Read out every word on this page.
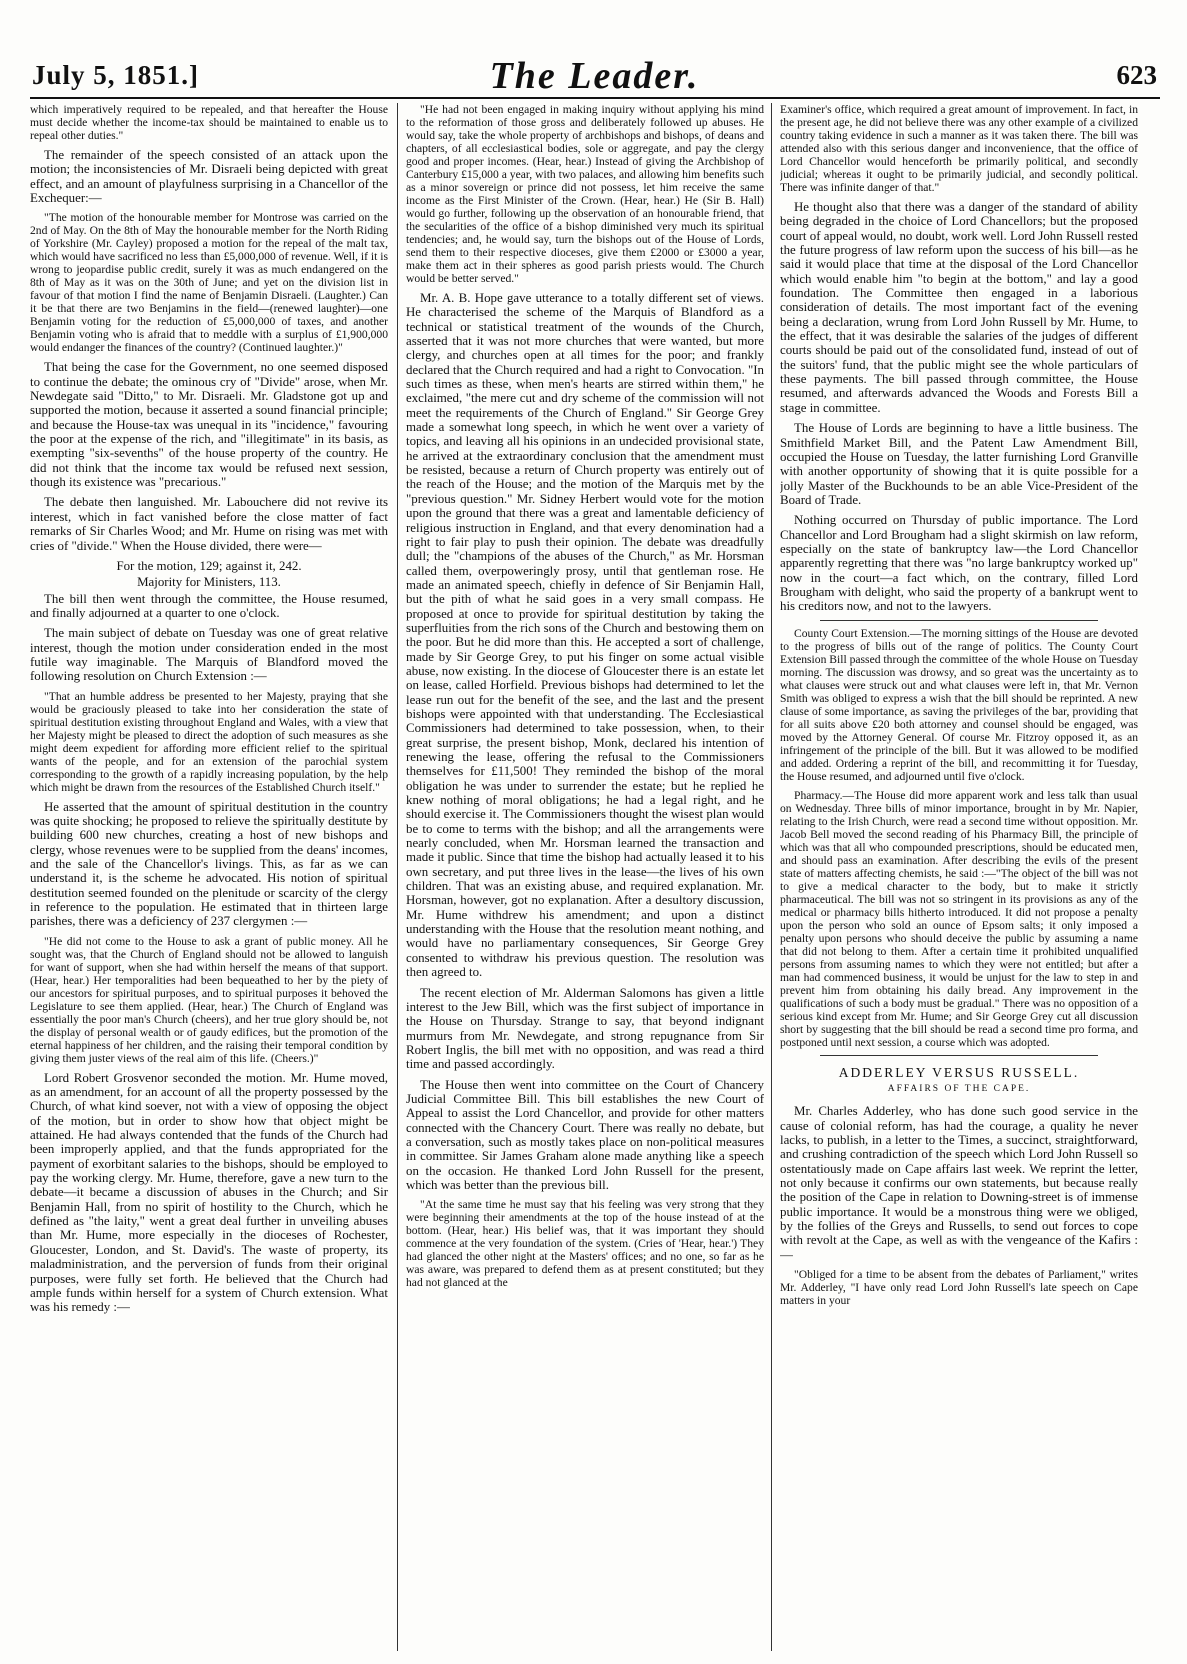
July 5, 1851.]	The Leader.	623

which imperatively required to be repealed, and that hereafter the House must decide whether the income-tax should be maintained to enable us to repeal other duties."

The remainder of the speech consisted of an attack upon the motion; the inconsistencies of Mr. Disraeli being depicted with great effect, and an amount of playfulness surprising in a Chancellor of the Exchequer:—

"The motion of the honourable member for Montrose was carried on the 2nd of May. On the 8th of May the honourable member for the North Riding of Yorkshire (Mr. Cayley) proposed a motion for the repeal of the malt tax, which would have sacrificed no less than £5,000,000 of revenue. Well, if it is wrong to jeopardise public credit, surely it was as much endangered on the 8th of May as it was on the 30th of June; and yet on the division list in favour of that motion I find the name of Benjamin Disraeli. (Laughter.) Can it be that there are two Benjamins in the field—(renewed laughter)—one Benjamin voting for the reduction of £5,000,000 of taxes, and another Benjamin voting who is afraid that to meddle with a surplus of £1,900,000 would endanger the finances of the country? (Continued laughter.)"

That being the case for the Government, no one seemed disposed to continue the debate; the ominous cry of "Divide" arose, when Mr. Newdegate said "Ditto," to Mr. Disraeli. Mr. Gladstone got up and supported the motion, because it asserted a sound financial principle; and because the House-tax was unequal in its "incidence," favouring the poor at the expense of the rich, and "illegitimate" in its basis, as exempting "six-sevenths" of the house property of the country. He did not think that the income tax would be refused next session, though its existence was "precarious."

The debate then languished. Mr. Labouchere did not revive its interest, which in fact vanished before the close matter of fact remarks of Sir Charles Wood; and Mr. Hume on rising was met with cries of "divide." When the House divided, there were—

For the motion, 129; against it, 242.

Majority for Ministers, 113.

The bill then went through the committee, the House resumed, and finally adjourned at a quarter to one o'clock.

The main subject of debate on Tuesday was one of great relative interest, though the motion under consideration ended in the most futile way imaginable. The Marquis of Blandford moved the following resolution on Church Extension :—

"That an humble address be presented to her Majesty, praying that she would be graciously pleased to take into her consideration the state of spiritual destitution existing throughout England and Wales, with a view that her Majesty might be pleased to direct the adoption of such measures as she might deem expedient for affording more efficient relief to the spiritual wants of the people, and for an extension of the parochial system corresponding to the growth of a rapidly increasing population, by the help which might be drawn from the resources of the Established Church itself."

He asserted that the amount of spiritual destitution in the country was quite shocking; he proposed to relieve the spiritually destitute by building 600 new churches, creating a host of new bishops and clergy, whose revenues were to be supplied from the deans' incomes, and the sale of the Chancellor's livings. This, as far as we can understand it, is the scheme he advocated. His notion of spiritual destitution seemed founded on the plenitude or scarcity of the clergy in reference to the population. He estimated that in thirteen large parishes, there was a deficiency of 237 clergymen :—

"He did not come to the House to ask a grant of public money. All he sought was, that the Church of England should not be allowed to languish for want of support, when she had within herself the means of that support. (Hear, hear.) Her temporalities had been bequeathed to her by the piety of our ancestors for spiritual purposes, and to spiritual purposes it behoved the Legislature to see them applied. (Hear, hear.) The Church of England was essentially the poor man's Church (cheers), and her true glory should be, not the display of personal wealth or of gaudy edifices, but the promotion of the eternal happiness of her children, and the raising their temporal condition by giving them juster views of the real aim of this life. (Cheers.)"

Lord Robert Grosvenor seconded the motion. Mr. Hume moved, as an amendment, for an account of all the property possessed by the Church, of what kind soever, not with a view of opposing the object of the motion, but in order to show how that object might be attained. He had always contended that the funds of the Church had been improperly applied, and that the funds appropriated for the payment of exorbitant salaries to the bishops, should be employed to pay the working clergy. Mr. Hume, therefore, gave a new turn to the debate—it became a discussion of abuses in the Church; and Sir Benjamin Hall, from no spirit of hostility to the Church, which he defined as "the laity," went a great deal further in unveiling abuses than Mr. Hume, more especially in the dioceses of Rochester, Gloucester, London, and St. David's. The waste of property, its maladministration, and the perversion of funds from their original purposes, were fully set forth. He believed that the Church had ample funds within herself for a system of Church extension. What was his remedy :—

"He had not been engaged in making inquiry without applying his mind to the reformation of those gross and deliberately followed up abuses. He would say, take the whole property of archbishops and bishops, of deans and chapters, of all ecclesiastical bodies, sole or aggregate, and pay the clergy good and proper incomes. (Hear, hear.) Instead of giving the Archbishop of Canterbury £15,000 a year, with two palaces, and allowing him benefits such as a minor sovereign or prince did not possess, let him receive the same income as the First Minister of the Crown. (Hear, hear.) He (Sir B. Hall) would go further, following up the observation of an honourable friend, that the secularities of the office of a bishop diminished very much its spiritual tendencies; and, he would say, turn the bishops out of the House of Lords, send them to their respective dioceses, give them £2000 or £3000 a year, make them act in their spheres as good parish priests would. The Church would be better served."

Mr. A. B. Hope gave utterance to a totally different set of views. He characterised the scheme of the Marquis of Blandford as a technical or statistical treatment of the wounds of the Church, asserted that it was not more churches that were wanted, but more clergy, and churches open at all times for the poor; and frankly declared that the Church required and had a right to Convocation. "In such times as these, when men's hearts are stirred within them," he exclaimed, "the mere cut and dry scheme of the commission will not meet the requirements of the Church of England." Sir George Grey made a somewhat long speech, in which he went over a variety of topics, and leaving all his opinions in an undecided provisional state, he arrived at the extraordinary conclusion that the amendment must be resisted, because a return of Church property was entirely out of the reach of the House; and the motion of the Marquis met by the "previous question." Mr. Sidney Herbert would vote for the motion upon the ground that there was a great and lamentable deficiency of religious instruction in England, and that every denomination had a right to fair play to push their opinion. The debate was dreadfully dull; the "champions of the abuses of the Church," as Mr. Horsman called them, overpoweringly prosy, until that gentleman rose. He made an animated speech, chiefly in defence of Sir Benjamin Hall, but the pith of what he said goes in a very small compass. He proposed at once to provide for spiritual destitution by taking the superfluities from the rich sons of the Church and bestowing them on the poor. But he did more than this. He accepted a sort of challenge, made by Sir George Grey, to put his finger on some actual visible abuse, now existing. In the diocese of Gloucester there is an estate let on lease, called Horfield. Previous bishops had determined to let the lease run out for the benefit of the see, and the last and the present bishops were appointed with that understanding. The Ecclesiastical Commissioners had determined to take possession, when, to their great surprise, the present bishop, Monk, declared his intention of renewing the lease, offering the refusal to the Commissioners themselves for £11,500! They reminded the bishop of the moral obligation he was under to surrender the estate; but he replied he knew nothing of moral obligations; he had a legal right, and he should exercise it. The Commissioners thought the wisest plan would be to come to terms with the bishop; and all the arrangements were nearly concluded, when Mr. Horsman learned the transaction and made it public. Since that time the bishop had actually leased it to his own secretary, and put three lives in the lease—the lives of his own children. That was an existing abuse, and required explanation. Mr. Horsman, however, got no explanation. After a desultory discussion, Mr. Hume withdrew his amendment; and upon a distinct understanding with the House that the resolution meant nothing, and would have no parliamentary consequences, Sir George Grey consented to withdraw his previous question. The resolution was then agreed to.

The recent election of Mr. Alderman Salomons has given a little interest to the Jew Bill, which was the first subject of importance in the House on Thursday. Strange to say, that beyond indignant murmurs from Mr. Newdegate, and strong repugnance from Sir Robert Inglis, the bill met with no opposition, and was read a third time and passed accordingly.

The House then went into committee on the Court of Chancery Judicial Committee Bill. This bill establishes the new Court of Appeal to assist the Lord Chancellor, and provide for other matters connected with the Chancery Court. There was really no debate, but a conversation, such as mostly takes place on non-political measures in committee. Sir James Graham alone made anything like a speech on the occasion. He thanked Lord John Russell for the present, which was better than the previous bill.

"At the same time he must say that his feeling was very strong that they were beginning their amendments at the top of the house instead of at the bottom. (Hear, hear.) His belief was, that it was important they should commence at the very foundation of the system. (Cries of 'Hear, hear.') They had glanced the other night at the Masters' offices; and no one, so far as he was aware, was prepared to defend them as at present constituted; but they had not glanced at the

Examiner's office, which required a great amount of improvement. In fact, in the present age, he did not believe there was any other example of a civilized country taking evidence in such a manner as it was taken there. The bill was attended also with this serious danger and inconvenience, that the office of Lord Chancellor would henceforth be primarily political, and secondly judicial; whereas it ought to be primarily judicial, and secondly political. There was infinite danger of that."

He thought also that there was a danger of the standard of ability being degraded in the choice of Lord Chancellors; but the proposed court of appeal would, no doubt, work well. Lord John Russell rested the future progress of law reform upon the success of his bill—as he said it would place that time at the disposal of the Lord Chancellor which would enable him "to begin at the bottom," and lay a good foundation. The Committee then engaged in a laborious consideration of details. The most important fact of the evening being a declaration, wrung from Lord John Russell by Mr. Hume, to the effect, that it was desirable the salaries of the judges of different courts should be paid out of the consolidated fund, instead of out of the suitors' fund, that the public might see the whole particulars of these payments. The bill passed through committee, the House resumed, and afterwards advanced the Woods and Forests Bill a stage in committee.

The House of Lords are beginning to have a little business. The Smithfield Market Bill, and the Patent Law Amendment Bill, occupied the House on Tuesday, the latter furnishing Lord Granville with another opportunity of showing that it is quite possible for a jolly Master of the Buckhounds to be an able Vice-President of the Board of Trade.

Nothing occurred on Thursday of public importance. The Lord Chancellor and Lord Brougham had a slight skirmish on law reform, especially on the state of bankruptcy law—the Lord Chancellor apparently regretting that there was "no large bankruptcy worked up" now in the court—a fact which, on the contrary, filled Lord Brougham with delight, who said the property of a bankrupt went to his creditors now, and not to the lawyers.

County Court Extension.—The morning sittings of the House are devoted to the progress of bills out of the range of politics. The County Court Extension Bill passed through the committee of the whole House on Tuesday morning. The discussion was drowsy, and so great was the uncertainty as to what clauses were struck out and what clauses were left in, that Mr. Vernon Smith was obliged to express a wish that the bill should be reprinted. A new clause of some importance, as saving the privileges of the bar, providing that for all suits above £20 both attorney and counsel should be engaged, was moved by the Attorney General. Of course Mr. Fitzroy opposed it, as an infringement of the principle of the bill. But it was allowed to be modified and added. Ordering a reprint of the bill, and recommitting it for Tuesday, the House resumed, and adjourned until five o'clock.

Pharmacy.—The House did more apparent work and less talk than usual on Wednesday. Three bills of minor importance, brought in by Mr. Napier, relating to the Irish Church, were read a second time without opposition. Mr. Jacob Bell moved the second reading of his Pharmacy Bill, the principle of which was that all who compounded prescriptions, should be educated men, and should pass an examination. After describing the evils of the present state of matters affecting chemists, he said :—"The object of the bill was not to give a medical character to the body, but to make it strictly pharmaceutical. The bill was not so stringent in its provisions as any of the medical or pharmacy bills hitherto introduced. It did not propose a penalty upon the person who sold an ounce of Epsom salts; it only imposed a penalty upon persons who should deceive the public by assuming a name that did not belong to them. After a certain time it prohibited unqualified persons from assuming names to which they were not entitled; but after a man had commenced business, it would be unjust for the law to step in and prevent him from obtaining his daily bread. Any improvement in the qualifications of such a body must be gradual." There was no opposition of a serious kind except from Mr. Hume; and Sir George Grey cut all discussion short by suggesting that the bill should be read a second time pro forma, and postponed until next session, a course which was adopted.

ADDERLEY VERSUS RUSSELL.
AFFAIRS OF THE CAPE.

Mr. Charles Adderley, who has done such good service in the cause of colonial reform, has had the courage, a quality he never lacks, to publish, in a letter to the Times, a succinct, straightforward, and crushing contradiction of the speech which Lord John Russell so ostentatiously made on Cape affairs last week. We reprint the letter, not only because it confirms our own statements, but because really the position of the Cape in relation to Downing-street is of immense public importance. It would be a monstrous thing were we obliged, by the follies of the Greys and Russells, to send out forces to cope with revolt at the Cape, as well as with the vengeance of the Kafirs :—

"Obliged for a time to be absent from the debates of Parliament," writes Mr. Adderley, "I have only read Lord John Russell's late speech on Cape matters in your
